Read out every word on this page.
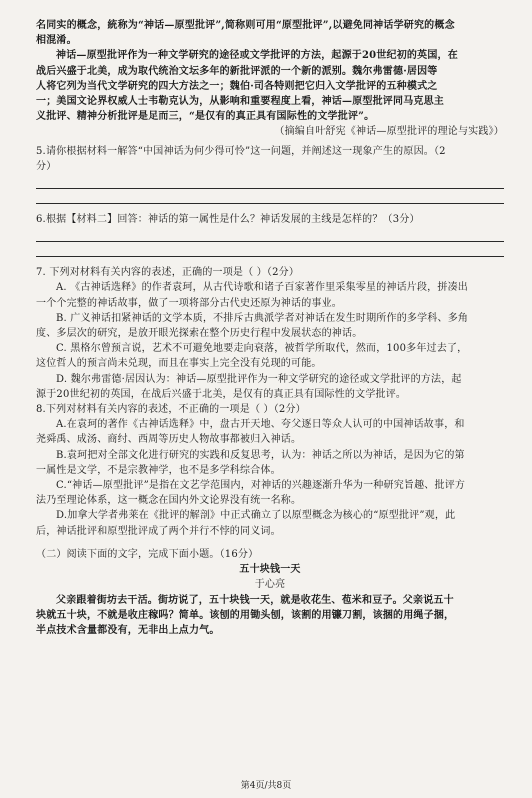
名同实的概念，統称为“神话—原型批评”,简称则可用“原型批评”,以避免同神话学研究的概念

相混淆。

神话—原型批评作为一种文学研究的途径或文学批评的方法，起源于20世纪初的英国，在

战后兴盛于北美，成为取代统治文坛多年的新批评派的一个新的派别。魏尔弗雷德·居因等

人将它列为当代文学研究的四大方法之一；魏伯·司各特则把它归入文学批评的五种模式之

一；美国文论界权威人士韦勒克认为，从影响和重要程度上看，神话—原型批评同马克思主

义批评、精神分析批评是足而三，“是仅有的真正具有国际性的文学批评”。

（摘编自叶舒宪《神话—原型批评的理论与实践》）

5.请你根据材料一解答“中国神话为何少得可怜”这一问题，并阐述这一现象产生的原因。（2

分）

6.根据【材料二】回答：神话的第一属性是什么？神话发展的主线是怎样的？（3分）

7. 下列对材料有关内容的表述，正确的一项是（ ）（2分）

A. 《古神话选释》的作者袁珂，从古代诗歌和诸子百家著作里采集零星的神话片段，拼凑出

一个个完整的神话故事，做了一项将部分古代史还原为神话的事业。

B. 广义神话扣紧神话的文学本质，不排斥古典派学者对神话在发生时期所作的多学科、多角

度、多层次的研究，是放开眼光探索在整个历史行程中发展状态的神话。

C. 黑格尔曾预言说，艺术不可避免地要走向衰落，被哲学所取代，然而，100多年过去了，

这位哲人的预言尚未兑现，而且在事实上完全没有兑现的可能。

D. 魏尔弗雷德·居因认为：神话—原型批评作为一种文学研究的途径或文学批评的方法，起

源于20世纪初的英国，在战后兴盛于北美，是仅有的真正具有国际性的文学批评。

8.下列对材料有关内容的表述，不正确的一项是（ ）（2分）

A.在袁珂的著作《古神话选释》中，盘古开天地、夸父逐日等众人认可的中国神话故事，和

尧舜禹、成汤、商纣、西周等历史人物故事都被归入神话。

B.袁珂把对全部文化进行研究的实践和反复思考，认为：神话之所以为神话，是因为它的第

一属性是文学，不是宗教神学，也不是多学科综合体。

C.“神话—原型批评”是指在文艺学范围内，对神话的兴趣逐渐升华为一种研究旨趣、批评方

法乃至理论体系，这一概念在国内外文论界没有统一名称。

D.加拿大学者弗莱在《批评的解剖》中正式确立了以原型概念为核心的“原型批评”观，此

后，神话批评和原型批评成了两个并行不悖的同义词。

（二）阅读下面的文字，完成下面小题。（16分）

五十块钱一天

于心亮

父亲跟着街坊去干活。街坊说了，五十块钱一天，就是收花生、苞米和豆子。父亲说五十

块就五十块，不就是收庄稼吗？简单。该刨的用锄头刨，该割的用镰刀割，该捆的用绳子捆，

半点技术含量都没有，无非出上点力气。

第4页/共8页
